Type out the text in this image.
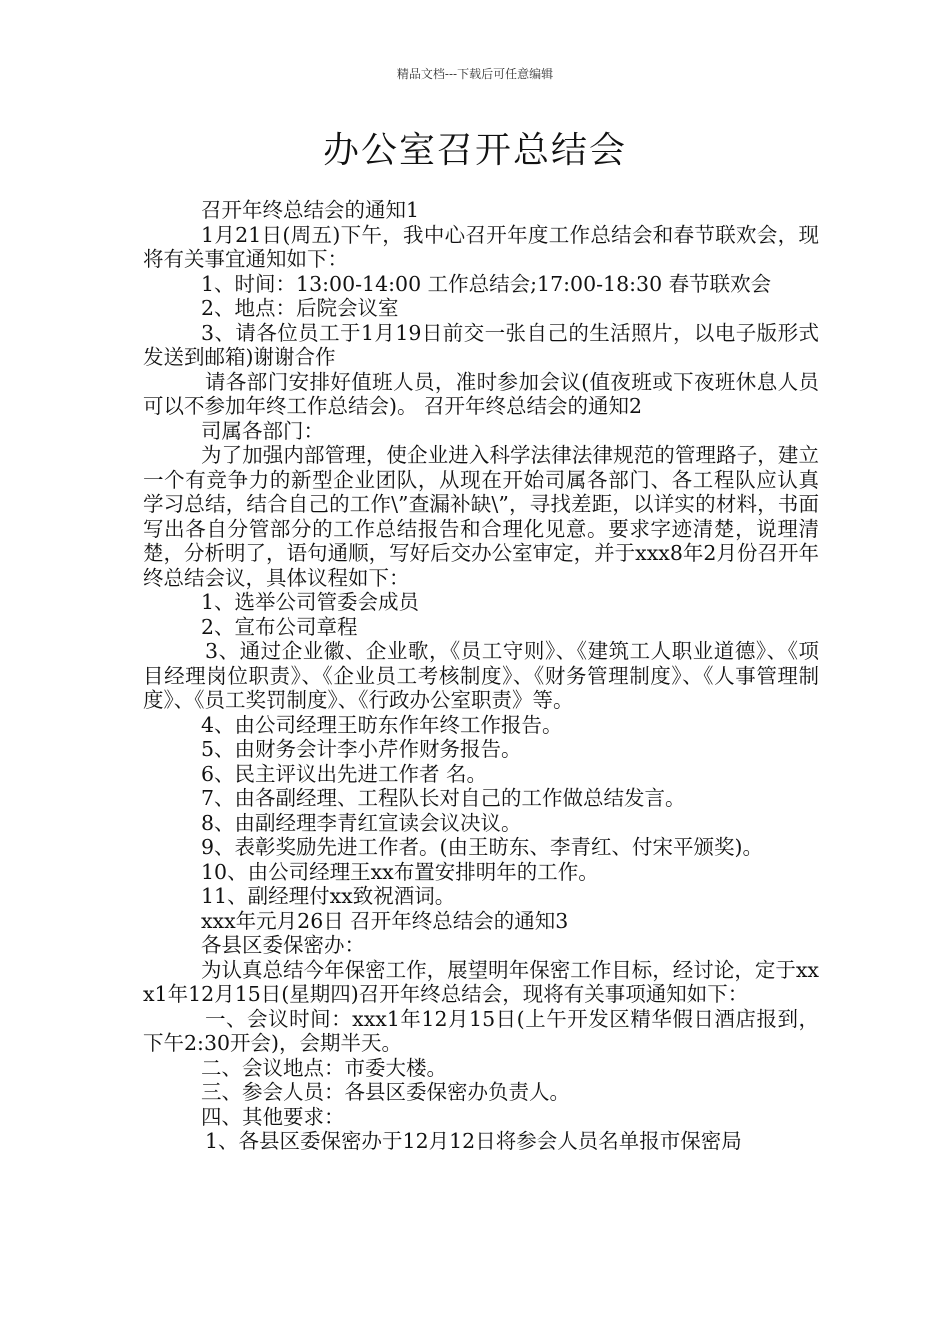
精品文档---下载后可任意编辑
办公室召开总结会

召开年终总结会的通知1

1月21日(周五)下午，我中心召开年度工作总结会和春节联欢会，现将有关事宜通知如下：

1、时间：13:00-14:00 工作总结会;17:00-18:30 春节联欢会

2、地点：后院会议室

3、请各位员工于1月19日前交一张自己的生活照片，以电子版形式发送到邮箱)谢谢合作

请各部门安排好值班人员，准时参加会议(值夜班或下夜班休息人员可以不参加年终工作总结会)。 召开年终总结会的通知2

司属各部门：

为了加强内部管理，使企业进入科学法律法律规范的管理路子，建立一个有竞争力的新型企业团队，从现在开始司属各部门、各工程队应认真学习总结，结合自己的工作\”查漏补缺\”，寻找差距，以详实的材料，书面写出各自分管部分的工作总结报告和合理化见意。要求字迹清楚，说理清楚，分析明了，语句通顺，写好后交办公室审定，并于xxx8年2月份召开年终总结会议，具体议程如下：

1、选举公司管委会成员

2、宣布公司章程

3、通过企业徽、企业歌，《员工守则》、《建筑工人职业道德》、《项目经理岗位职责》、《企业员工考核制度》、《财务管理制度》、《人事管理制度》、《员工奖罚制度》、《行政办公室职责》等。

4、由公司经理王昉东作年终工作报告。

5、由财务会计李小芹作财务报告。

6、民主评议出先进工作者 名。

7、由各副经理、工程队长对自己的工作做总结发言。

8、由副经理李青红宣读会议决议。

9、表彰奖励先进工作者。(由王昉东、李青红、付宋平颁奖)。

10、由公司经理王xx布置安排明年的工作。

11、副经理付xx致祝酒词。

xxx年元月26日 召开年终总结会的通知3

各县区委保密办：

为认真总结今年保密工作，展望明年保密工作目标，经讨论，定于xxx1年12月15日(星期四)召开年终总结会，现将有关事项通知如下：

一、会议时间：xxx1年12月15日(上午开发区精华假日酒店报到，下午2:30开会)，会期半天。

二、会议地点：市委大楼。

三、参会人员：各县区委保密办负责人。

四、其他要求：

1、各县区委保密办于12月12日将参会人员名单报市保密局
